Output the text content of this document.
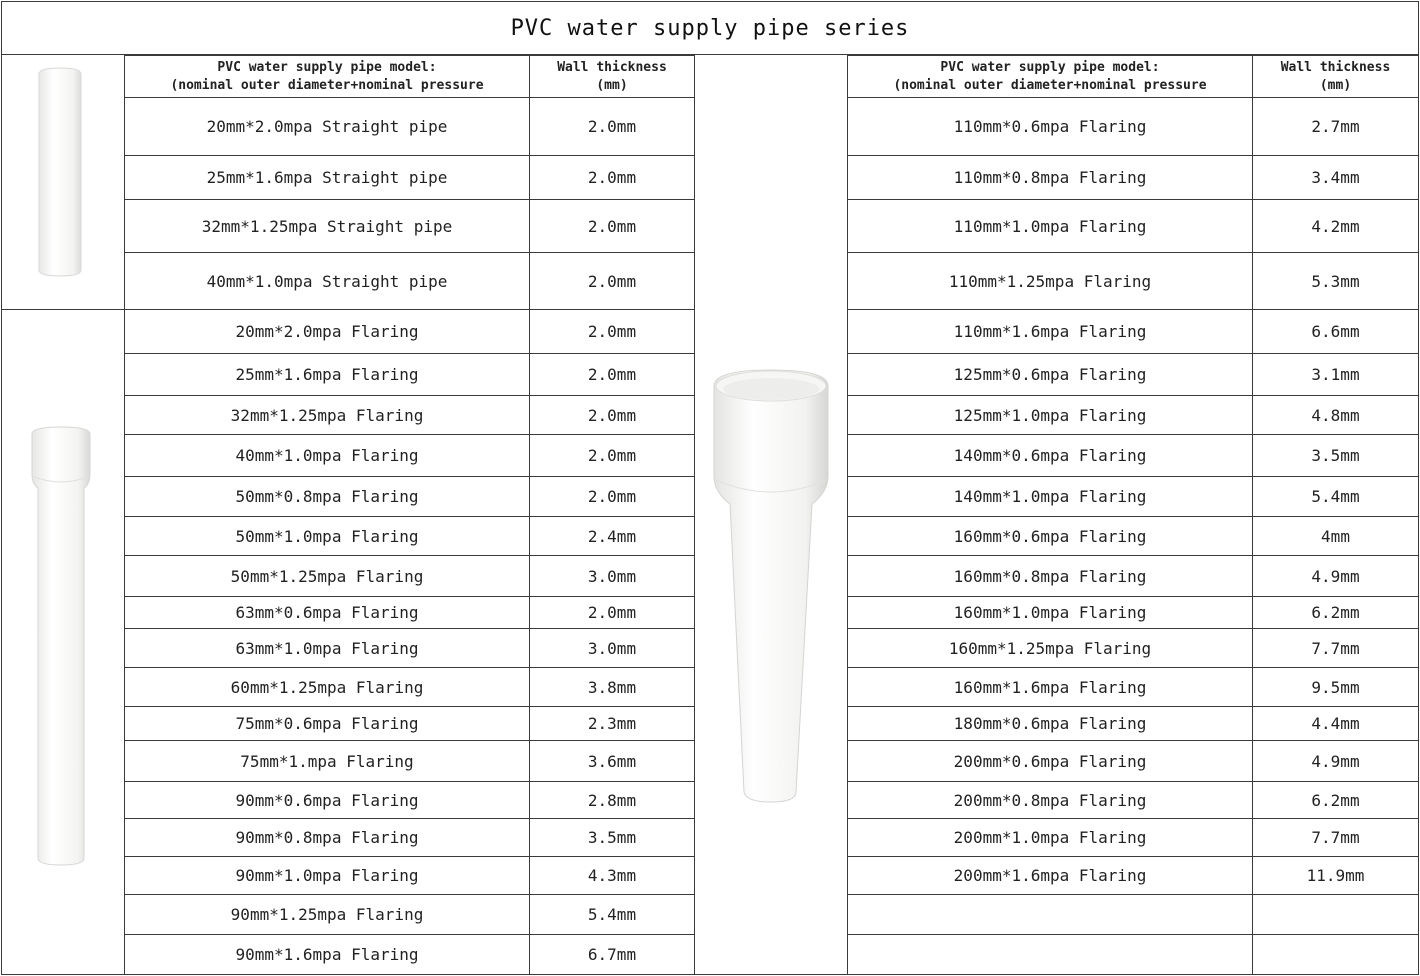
PVC water supply pipe series
PVC water supply pipe model:
(nominal outer diameter+nominal pressure
Wall thickness
(mm)
PVC water supply pipe model:
(nominal outer diameter+nominal pressure
Wall thickness
(mm)
20mm*2.0mpa Straight pipe	2.0mm
25mm*1.6mpa Straight pipe	2.0mm
32mm*1.25mpa Straight pipe	2.0mm
40mm*1.0mpa Straight pipe	2.0mm
20mm*2.0mpa Flaring	2.0mm
25mm*1.6mpa Flaring	2.0mm
32mm*1.25mpa Flaring	2.0mm
40mm*1.0mpa Flaring	2.0mm
50mm*0.8mpa Flaring	2.0mm
50mm*1.0mpa Flaring	2.4mm
50mm*1.25mpa Flaring	3.0mm
63mm*0.6mpa Flaring	2.0mm
63mm*1.0mpa Flaring	3.0mm
60mm*1.25mpa Flaring	3.8mm
75mm*0.6mpa Flaring	2.3mm
75mm*1.mpa Flaring	3.6mm
90mm*0.6mpa Flaring	2.8mm
90mm*0.8mpa Flaring	3.5mm
90mm*1.0mpa Flaring	4.3mm
90mm*1.25mpa Flaring	5.4mm
90mm*1.6mpa Flaring	6.7mm
110mm*0.6mpa Flaring	2.7mm
110mm*0.8mpa Flaring	3.4mm
110mm*1.0mpa Flaring	4.2mm
110mm*1.25mpa Flaring	5.3mm
110mm*1.6mpa Flaring	6.6mm
125mm*0.6mpa Flaring	3.1mm
125mm*1.0mpa Flaring	4.8mm
140mm*0.6mpa Flaring	3.5mm
140mm*1.0mpa Flaring	5.4mm
160mm*0.6mpa Flaring	4mm
160mm*0.8mpa Flaring	4.9mm
160mm*1.0mpa Flaring	6.2mm
160mm*1.25mpa Flaring	7.7mm
160mm*1.6mpa Flaring	9.5mm
180mm*0.6mpa Flaring	4.4mm
200mm*0.6mpa Flaring	4.9mm
200mm*0.8mpa Flaring	6.2mm
200mm*1.0mpa Flaring	7.7mm
200mm*1.6mpa Flaring	11.9mm
